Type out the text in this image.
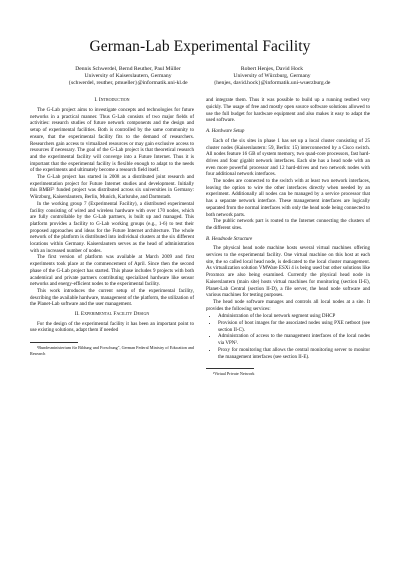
German-Lab Experimental Facility
Dennis Schwerdel, Bernd Reuther, Paul Müller
University of Kaiserslautern, Germany
{schwerdel, reuther, pmueller}@informatik.uni-kl.de
Robert Henjes, David Hock
University of Würzburg, Germany
{henjes, david.hock}@informatik.uni-wuerzburg.de
I. Introduction

The G-Lab project aims to investigate concepts and technologies for future networks in a practical manner. Thus G-Lab consists of two major fields of activities: research studies of future network components and the design and setup of experimental facilities. Both is controlled by the same community to ensure, that the experimental facility fits to the demand of researchers. Researchers gain access to virtualized resources or may gain exclusive access to resources if necessary. The goal of the G-Lab project is that theoretical research and the experimental facility will converge into a Future Internet. Thus it is important that the experimental facility is flexible enough to adapt to the needs of the experiments and ultimately become a research field itself.

The G-Lab project has started in 2008 as a distributed joint research and experimentation project for Future Internet studies and development. Initially this BMBF¹ funded project was distributed across six universities in Germany: Würzburg, Kaiserslautern, Berlin, Munich, Karlsruhe, and Darmstadt.

In the working group 7 (Experimental Facility), a distributed experimental facility consisting of wired and wireless hardware with over 170 nodes, which are fully controllable by the G-Lab partners, is built up and managed. This platform provides a facility to G-Lab working groups (e.g., 1-6) to test their proposed approaches and ideas for the Future Internet architecture. The whole network of the platform is distributed into individual clusters at the six different locations within Germany. Kaiserslautern serves as the head of administration with an increased number of nodes.

The first version of platform was available at March 2009 and first experiments took place at the commencement of April. Since then the second phase of the G-Lab project has started. This phase includes 9 projects with both academical and private partners contributing specialized hardware like sensor networks and energy-efficient nodes to the experimental facility.

This work introduces the current setup of the experimental facility, describing the available hardware, management of the platform, the utilization of the Planet-Lab software and the user management.

II. Experimental Facility Design

For the design of the experimental facility it has been an important point to use existing solutions, adapt them if needed

¹Bundesministerium für Bildung und Forschung", German Federal Ministry of Education and Research

and integrate them. Thus it was possible to build up a running testbed very quickly. The usage of free and mostly open source software solutions allowed to use the full budget for hardware equipment and also makes it easy to adapt the used software.

A. Hardware Setup

Each of the six sites in phase 1 has set up a local cluster consisting of 25 cluster nodes (Kaiserslautern: 59, Berlin: 15) interconnected by a Cisco switch. All nodes feature 16 GB of system memory, two quad-core processors, fast hard-drives and four gigabit network interfaces. Each site has a head node with an even more powerful processor and 12 hard-drives and two network nodes with four additional network interfaces.

The nodes are connected to the switch with at least two network interfaces, leaving the option to wire the other interfaces directly when needed by an experiment. Additionally all nodes can be managed by a service processor that has a separate network interface. These management interfaces are logically separated from the normal interfaces with only the head node being connected to both network parts.

The public network part is routed to the Internet connecting the clusters of the different sites.

B. Headnode Structure

The physical head node machine hosts several virtual machines offering services to the experimental facility. One virtual machine on this host at each site, the so called local head node, is dedicated to the local cluster management. As virtualization solution VMWare ESXi 4 is being used but other solutions like Proxmox are also being examined. Currently the physical head node in Kaiserslautern (main site) hosts virtual machines for monitoring (section II-E), Planet-Lab Central (section II-D), a file server, the head node software and various machines for testing purposes.

The head node software manages and controls all local nodes at a site. It provides the following services:

• Administration of the local network segment using DHCP
• Provision of boot images for the associated nodes using PXE netboot (see section II-C).
• Administration of access to the management interfaces of the local nodes via VPN².
• Proxy for monitoring that allows the central monitoring server to monitor the management interfaces (see section II-E).
²Virtual Private Network
